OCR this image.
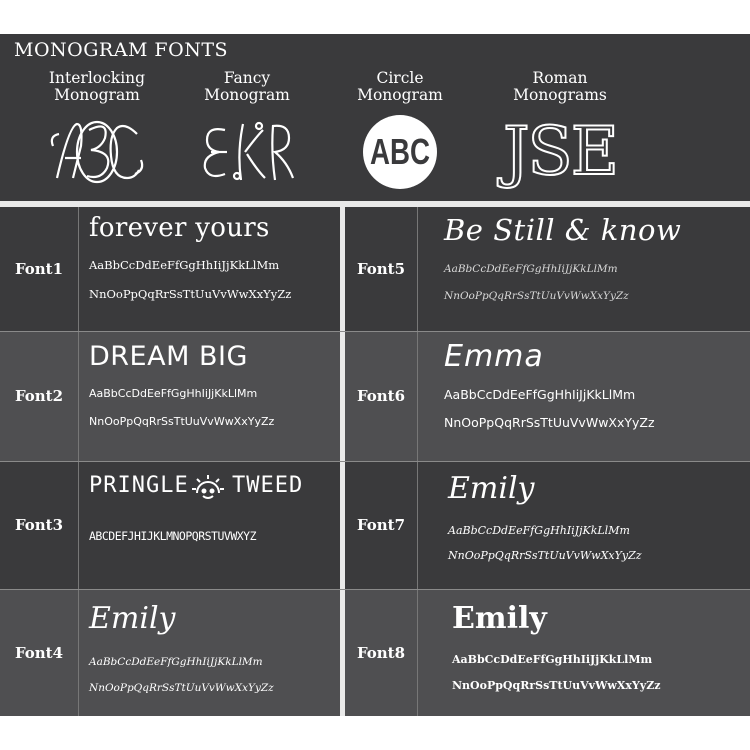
MONOGRAM FONTS
Interlocking
Monogram
Fancy
Monogram
Circle
Monogram
ABC
Roman
Monograms
JSE
Font1
forever yours
AaBbCcDdEeFfGgHhIiJjKkLlMm
NnOoPpQqRrSsTtUuVvWwXxYyZz
Font5
Be Still & know
AaBbCcDdEeFfGgHhIiJjKkLlMm
NnOoPpQqRrSsTtUuVvWwXxYyZz
Font2
DREAM BIG
AaBbCcDdEeFfGgHhIiJjKkLlMm
NnOoPpQqRrSsTtUuVvWwXxYyZz
Font6
Emma
AaBbCcDdEeFfGgHhIiJjKkLlMm
NnOoPpQqRrSsTtUuVvWwXxYyZz
Font3
PRINGLE TWEED
ABCDEFJHIJKLMNOPQRSTUVWXYZ
Font7
Emily
AaBbCcDdEeFfGgHhIiJjKkLlMm
NnOoPpQqRrSsTtUuVvWwXxYyZz
Font4
Emily
AaBbCcDdEeFfGgHhIiJjKkLlMm
NnOoPpQqRrSsTtUuVvWwXxYyZz
Font8
Emily
AaBbCcDdEeFfGgHhIiJjKkLlMm
NnOoPpQqRrSsTtUuVvWwXxYyZz
